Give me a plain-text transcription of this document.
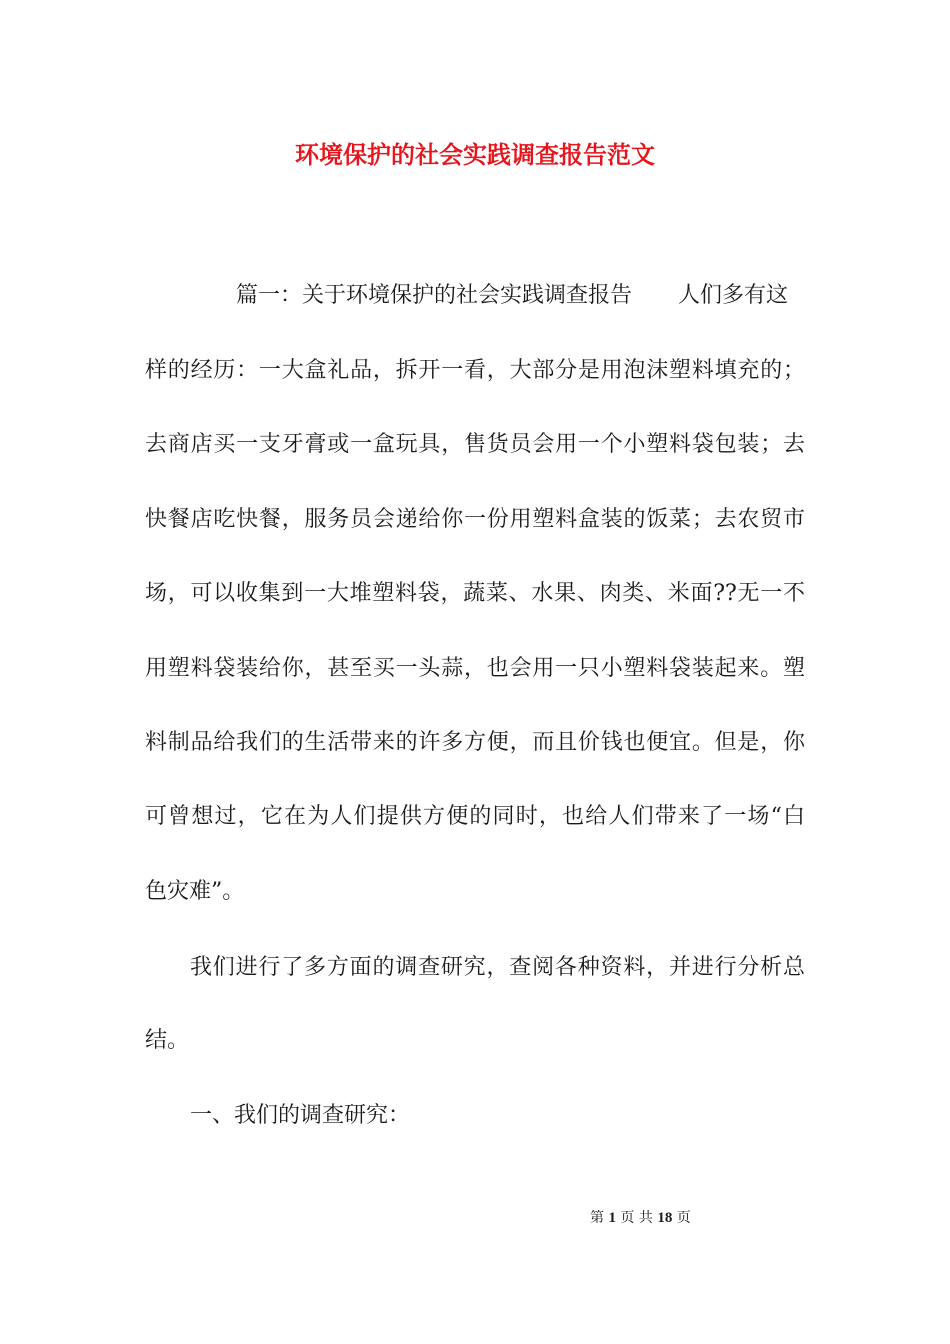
环境保护的社会实践调查报告范文
篇一：关于环境保护的社会实践调查报告 人们多有这
样的经历：一大盒礼品，拆开一看，大部分是用泡沫塑料填充的；
去商店买一支牙膏或一盒玩具，售货员会用一个小塑料袋包装；去
快餐店吃快餐，服务员会递给你一份用塑料盒装的饭菜；去农贸市
场，可以收集到一大堆塑料袋，蔬菜、水果、肉类、米面??无一不
用塑料袋装给你，甚至买一头蒜，也会用一只小塑料袋装起来。塑
料制品给我们的生活带来的许多方便，而且价钱也便宜。但是，你
可曾想过，它在为人们提供方便的同时，也给人们带来了一场“白
色灾难”。
我们进行了多方面的调查研究，查阅各种资料，并进行分析总
结。
一、我们的调查研究：
第 1 页 共 18 页
